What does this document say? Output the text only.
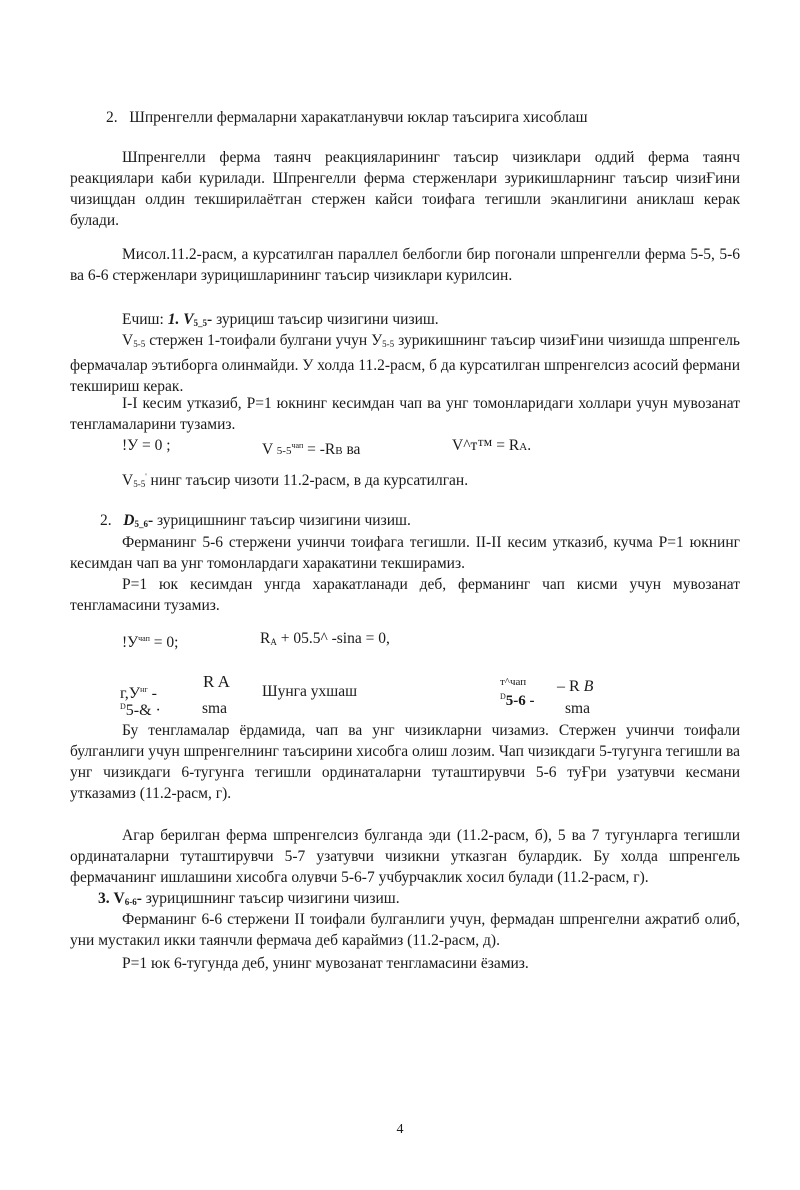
2. Шпренгелли фермаларни харакатланувчи юклар таъсирига хисоблаш

Шпренгелли ферма таянч реакцияларининг таъсир чизиклари оддий ферма таянч реакциялари каби курилади. Шпренгелли ферма стерженлари зурикишларнинг таъсир чизиҒини чизищдан олдин текширилаётган стержен кайси тоифага тегишли эканлигини аниклаш керак булади.

Мисол.11.2-расм, а курсатилган параллел белбогли бир погонали шпренгелли ферма 5-5, 5-6 ва 6-6 стерженлари зурицишларининг таъсир чизиклари курилсин.

Ечиш: 1. $V_{5\_5}-$ зурициш таъсир чизигини чизиш.

$V_{5-5}$ стержен 1-тоифали булгани учун $У_{5-5}$ зурикишнинг таъсир чизиҒини чизишда шпренгель фермачалар эътиборга олинмайди. У холда 11.2-расм, б да курсатилган шпренгелсиз асосий фермани текшириш керак.

I-I кесим утказиб, P=1 юкнинг кесимдан чап ва унг томонларидаги холлари учун мувозанат тенгламаларини тузамиз.

!У = 0 ;	V $5-5^{чап} = -RB$ ва	V^т™ = RA.
$V_{5-5}'$ нинг таъсир чизоти 11.2-расм, в да курсатилган.
2. $D_{5\_6}-$ зурицишнинг таъсир чизигини чизиш.

Ферманинг 5-6 стержени учинчи тоифага тегишли. II-II кесим утказиб, кучма P=1 юкнинг кесимдан чап ва унг томонлардаги харакатини текширамиз.

P=1 юк кесимдан унгда харакатланади деб, ферманинг чап кисми учун мувозанат тенгламасини тузамиз.

$!У^{чап} = 0$;	$R_A$ + 05.5^ -sina = 0,
$г,У^{нг}$ -
$^D$5-& ·
R A
sma
Шунга ухшаш
т^чап
$^D$5-6 -
– R B
sma

Бу тенгламалар ёрдамида, чап ва унг чизикларни чизамиз. Стержен учинчи тоифали булганлиги учун шпренгелнинг таъсирини хисобга олиш лозим. Чап чизикдаги 5-тугунга тегишли ва унг чизикдаги 6-тугунга тегишли ординаталарни туташтирувчи 5-6 туҒри узатувчи кесмани утказамиз (11.2-расм, г).

Агар берилган ферма шпренгелсиз булганда эди (11.2-расм, б), 5 ва 7 тугунларга тегишли ординаталарни туташтирувчи 5-7 узатувчи чизикни утказган булардик. Бу холда шпренгель фермачанинг ишлашини хисобга олувчи 5-6-7 учбурчаклик хосил булади (11.2-расм, г).

3. $V_{6-6}-$ зурицишнинг таъсир чизигини чизиш.

Ферманинг 6-6 стержени II тоифали булганлиги учун, фермадан шпренгелни ажратиб олиб, уни мустакил икки таянчли фермача деб караймиз (11.2-расм, д).

P=1 юк 6-тугунда деб, унинг мувозанат тенгламасини ёзамиз.

4
